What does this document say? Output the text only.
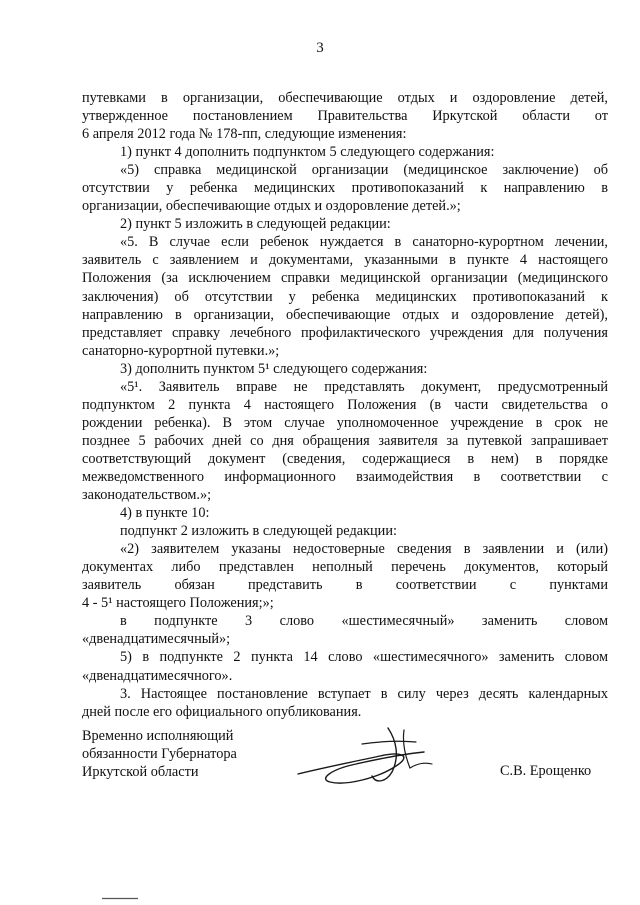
3
путевками в организации, обеспечивающие отдых и оздоровление детей,
утвержденное постановлением Правительства Иркутской области от
6 апреля 2012 года № 178-пп, следующие изменения:
1) пункт 4 дополнить подпунктом 5 следующего содержания:
«5) справка медицинской организации (медицинское заключение) об
отсутствии у ребенка медицинских противопоказаний к направлению в
организации, обеспечивающие отдых и оздоровление детей.»;
2) пункт 5 изложить в следующей редакции:
«5. В случае если ребенок нуждается в санаторно-курортном лечении,
заявитель с заявлением и документами, указанными в пункте 4 настоящего
Положения (за исключением справки медицинской организации (медицинского
заключения) об отсутствии у ребенка медицинских противопоказаний к
направлению в организации, обеспечивающие отдых и оздоровление детей),
представляет справку лечебного профилактического учреждения для получения
санаторно-курортной путевки.»;
3) дополнить пунктом 5¹ следующего содержания:
«5¹. Заявитель вправе не представлять документ, предусмотренный
подпунктом 2 пункта 4 настоящего Положения (в части свидетельства о
рождении ребенка). В этом случае уполномоченное учреждение в срок не
позднее 5 рабочих дней со дня обращения заявителя за путевкой запрашивает
соответствующий документ (сведения, содержащиеся в нем) в порядке
межведомственного информационного взаимодействия в соответствии с
законодательством.»;
4) в пункте 10:
подпункт 2 изложить в следующей редакции:
«2) заявителем указаны недостоверные сведения в заявлении и (или)
документах либо представлен неполный перечень документов, который
заявитель обязан представить в соответствии с пунктами
4 - 5¹ настоящего Положения;»;
в подпункте 3 слово «шестимесячный» заменить словом
«двенадцатимесячный»;
5) в подпункте 2 пункта 14 слово «шестимесячного» заменить словом
«двенадцатимесячного».
3. Настоящее постановление вступает в силу через десять календарных
дней после его официального опубликования.
Временно исполняющий
обязанности Губернатора
Иркутской области	С.В. Ерощенко
